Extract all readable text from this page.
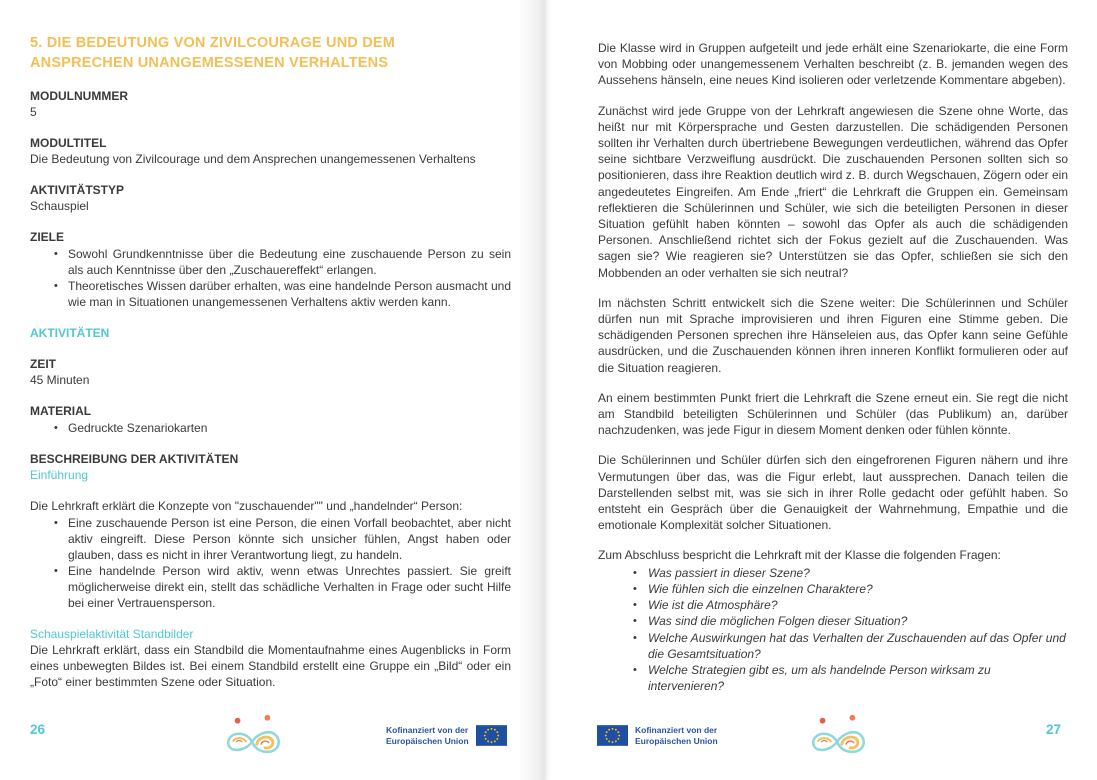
5. DIE BEDEUTUNG VON ZIVILCOURAGE UND DEM ANSPRECHEN UNANGEMESSENEN VERHALTENS
MODULNUMMER
5
MODULTITEL
Die Bedeutung von Zivilcourage und dem Ansprechen unangemessenen Verhaltens
AKTIVITÄTSTYP
Schauspiel
ZIELE
• Sowohl Grundkenntnisse über die Bedeutung eine zuschauende Person zu sein als auch Kenntnisse über den „Zuschauereffekt“ erlangen.
• Theoretisches Wissen darüber erhalten, was eine handelnde Person ausmacht und wie man in Situationen unangemessenen Verhaltens aktiv werden kann.
AKTIVITÄTEN
ZEIT
45 Minuten
MATERIAL
• Gedruckte Szenariokarten
BESCHREIBUNG DER AKTIVITÄTEN
Einführung

Die Lehrkraft erklärt die Konzepte von "zuschauender"" und „handelnder“ Person:

• Eine zuschauende Person ist eine Person, die einen Vorfall beobachtet, aber nicht aktiv eingreift. Diese Person könnte sich unsicher fühlen, Angst haben oder glauben, dass es nicht in ihrer Verantwortung liegt, zu handeln.
• Eine handelnde Person wird aktiv, wenn etwas Unrechtes passiert. Sie greift möglicherweise direkt ein, stellt das schädliche Verhalten in Frage oder sucht Hilfe bei einer Vertrauensperson.
Schauspielaktivität Standbilder

Die Lehrkraft erklärt, dass ein Standbild die Momentaufnahme eines Augenblicks in Form eines unbewegten Bildes ist. Bei einem Standbild erstellt eine Gruppe ein „Bild“ oder ein „Foto“ einer bestimmten Szene oder Situation.

Die Klasse wird in Gruppen aufgeteilt und jede erhält eine Szenariokarte, die eine Form von Mobbing oder unangemessenem Verhalten beschreibt (z. B. jemanden wegen des Aussehens hänseln, eine neues Kind isolieren oder verletzende Kommentare abgeben).

Zunächst wird jede Gruppe von der Lehrkraft angewiesen die Szene ohne Worte, das heißt nur mit Körpersprache und Gesten darzustellen. Die schädigenden Personen sollten ihr Verhalten durch übertriebene Bewegungen verdeutlichen, während das Opfer seine sichtbare Verzweiflung ausdrückt. Die zuschauenden Personen sollten sich so positionieren, dass ihre Reaktion deutlich wird z. B. durch Wegschauen, Zögern oder ein angedeutetes Eingreifen. Am Ende „friert“ die Lehrkraft die Gruppen ein. Gemeinsam reflektieren die Schülerinnen und Schüler, wie sich die beteiligten Personen in dieser Situation gefühlt haben könnten – sowohl das Opfer als auch die schädigenden Personen. Anschließend richtet sich der Fokus gezielt auf die Zuschauenden. Was sagen sie? Wie reagieren sie? Unterstützen sie das Opfer, schließen sie sich den Mobbenden an oder verhalten sie sich neutral?

Im nächsten Schritt entwickelt sich die Szene weiter: Die Schülerinnen und Schüler dürfen nun mit Sprache improvisieren und ihren Figuren eine Stimme geben. Die schädigenden Personen sprechen ihre Hänseleien aus, das Opfer kann seine Gefühle ausdrücken, und die Zuschauenden können ihren inneren Konflikt formulieren oder auf die Situation reagieren.

An einem bestimmten Punkt friert die Lehrkraft die Szene erneut ein. Sie regt die nicht am Standbild beteiligten Schülerinnen und Schüler (das Publikum) an, darüber nachzudenken, was jede Figur in diesem Moment denken oder fühlen könnte.

Die Schülerinnen und Schüler dürfen sich den eingefrorenen Figuren nähern und ihre Vermutungen über das, was die Figur erlebt, laut aussprechen. Danach teilen die Darstellenden selbst mit, was sie sich in ihrer Rolle gedacht oder gefühlt haben. So entsteht ein Gespräch über die Genauigkeit der Wahrnehmung, Empathie und die emotionale Komplexität solcher Situationen.

Zum Abschluss bespricht die Lehrkraft mit der Klasse die folgenden Fragen:

• Was passiert in dieser Szene?
• Wie fühlen sich die einzelnen Charaktere?
• Wie ist die Atmosphäre?
• Was sind die möglichen Folgen dieser Situation?
• Welche Auswirkungen hat das Verhalten der Zuschauenden auf das Opfer und die Gesamtsituation?
• Welche Strategien gibt es, um als handelnde Person wirksam zu intervenieren?
26	27
Kofinanziert von der
Europäischen Union
Kofinanziert von der
Europäischen Union
